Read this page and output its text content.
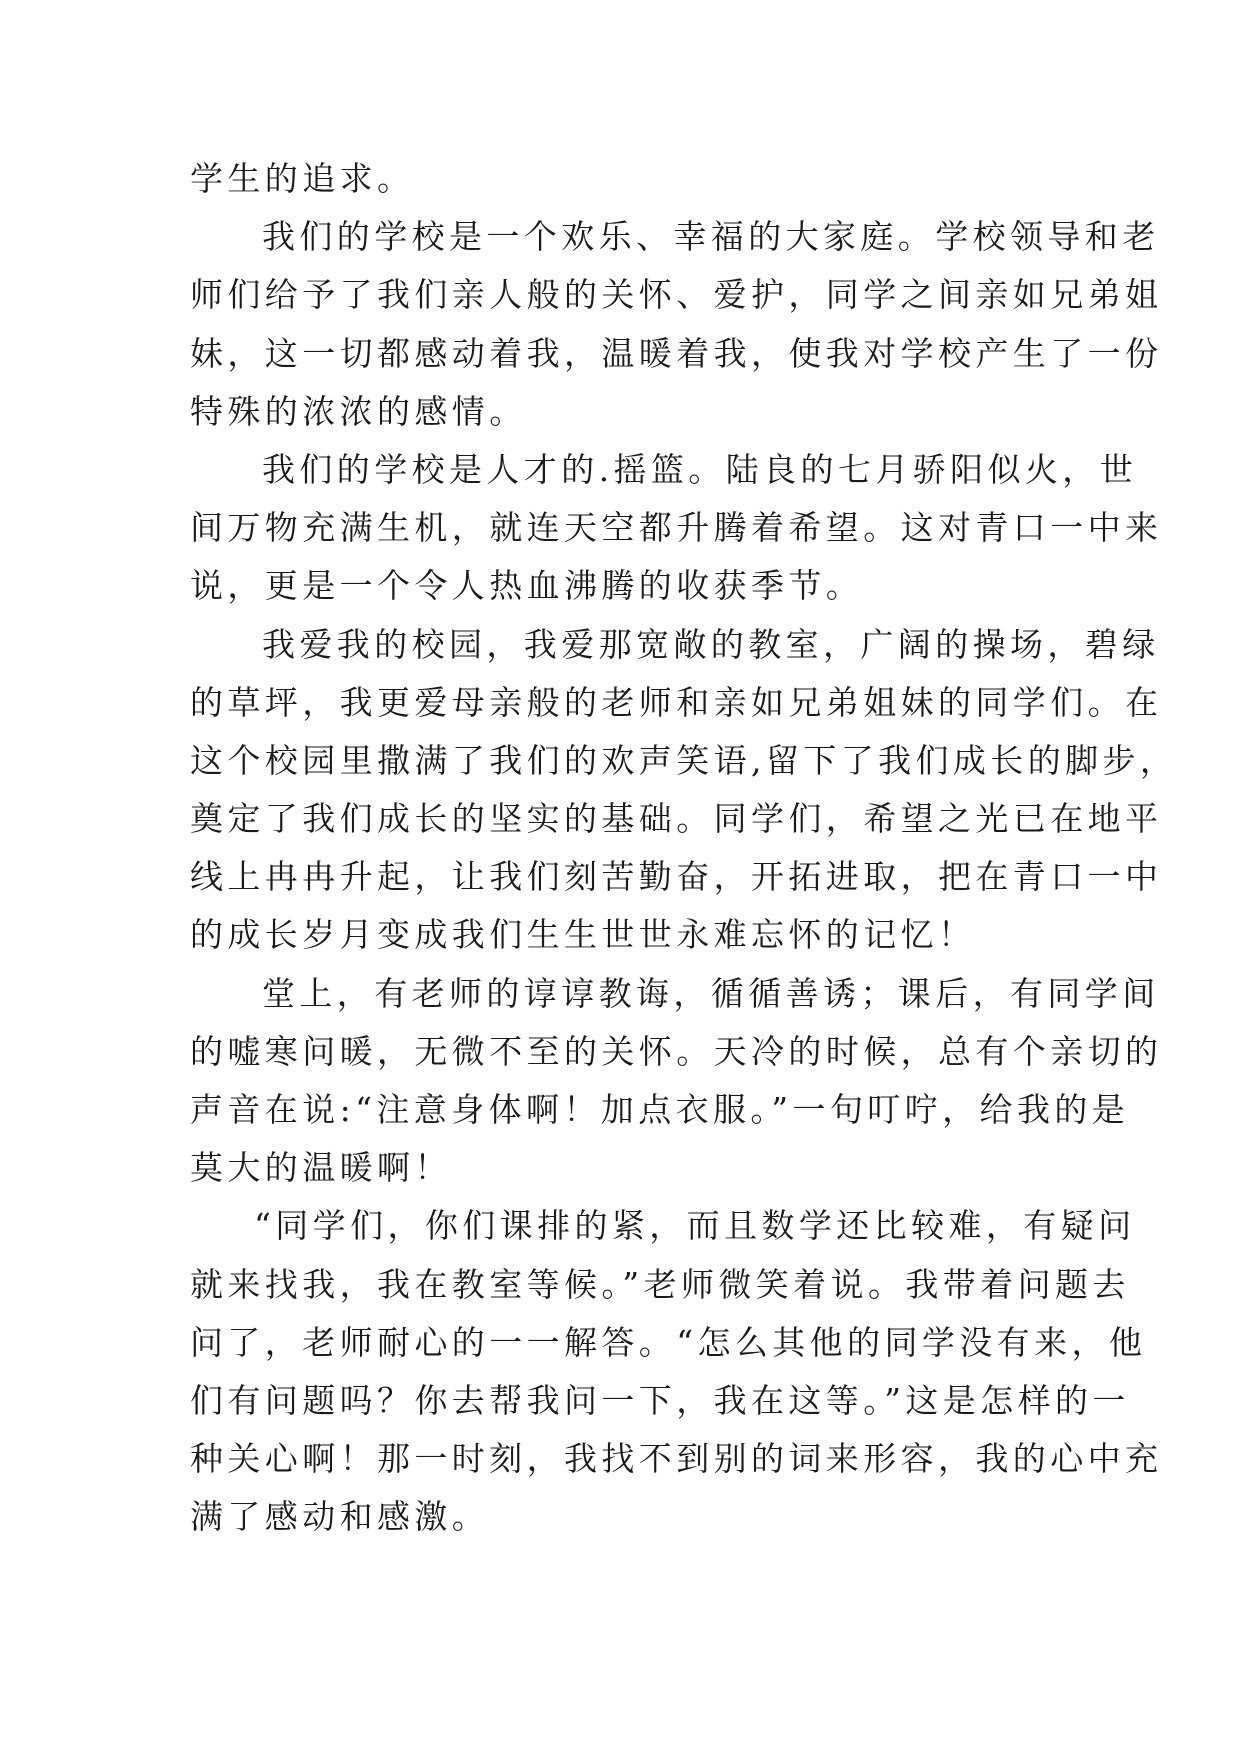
学生的追求。
我们的学校是一个欢乐、幸福的大家庭。学校领导和老
师们给予了我们亲人般的关怀、爱护，同学之间亲如兄弟姐
妹，这一切都感动着我，温暖着我，使我对学校产生了一份
特殊的浓浓的感情。
我们的学校是人才的.摇篮。陆良的七月骄阳似火，世
间万物充满生机，就连天空都升腾着希望。这对青口一中来
说，更是一个令人热血沸腾的收获季节。
我爱我的校园，我爱那宽敞的教室，广阔的操场，碧绿
的草坪，我更爱母亲般的老师和亲如兄弟姐妹的同学们。在
这个校园里撒满了我们的欢声笑语,留下了我们成长的脚步，
奠定了我们成长的坚实的基础。同学们，希望之光已在地平
线上冉冉升起，让我们刻苦勤奋，开拓进取，把在青口一中
的成长岁月变成我们生生世世永难忘怀的记忆！
堂上，有老师的谆谆教诲，循循善诱；课后，有同学间
的嘘寒问暖，无微不至的关怀。天冷的时候，总有个亲切的
声音在说:“注意身体啊！加点衣服。”一句叮咛，给我的是
莫大的温暖啊！
“同学们，你们课排的紧，而且数学还比较难，有疑问
就来找我，我在教室等候。”老师微笑着说。我带着问题去
问了，老师耐心的一一解答。“怎么其他的同学没有来，他
们有问题吗？你去帮我问一下，我在这等。”这是怎样的一
种关心啊！那一时刻，我找不到别的词来形容，我的心中充
满了感动和感激。
